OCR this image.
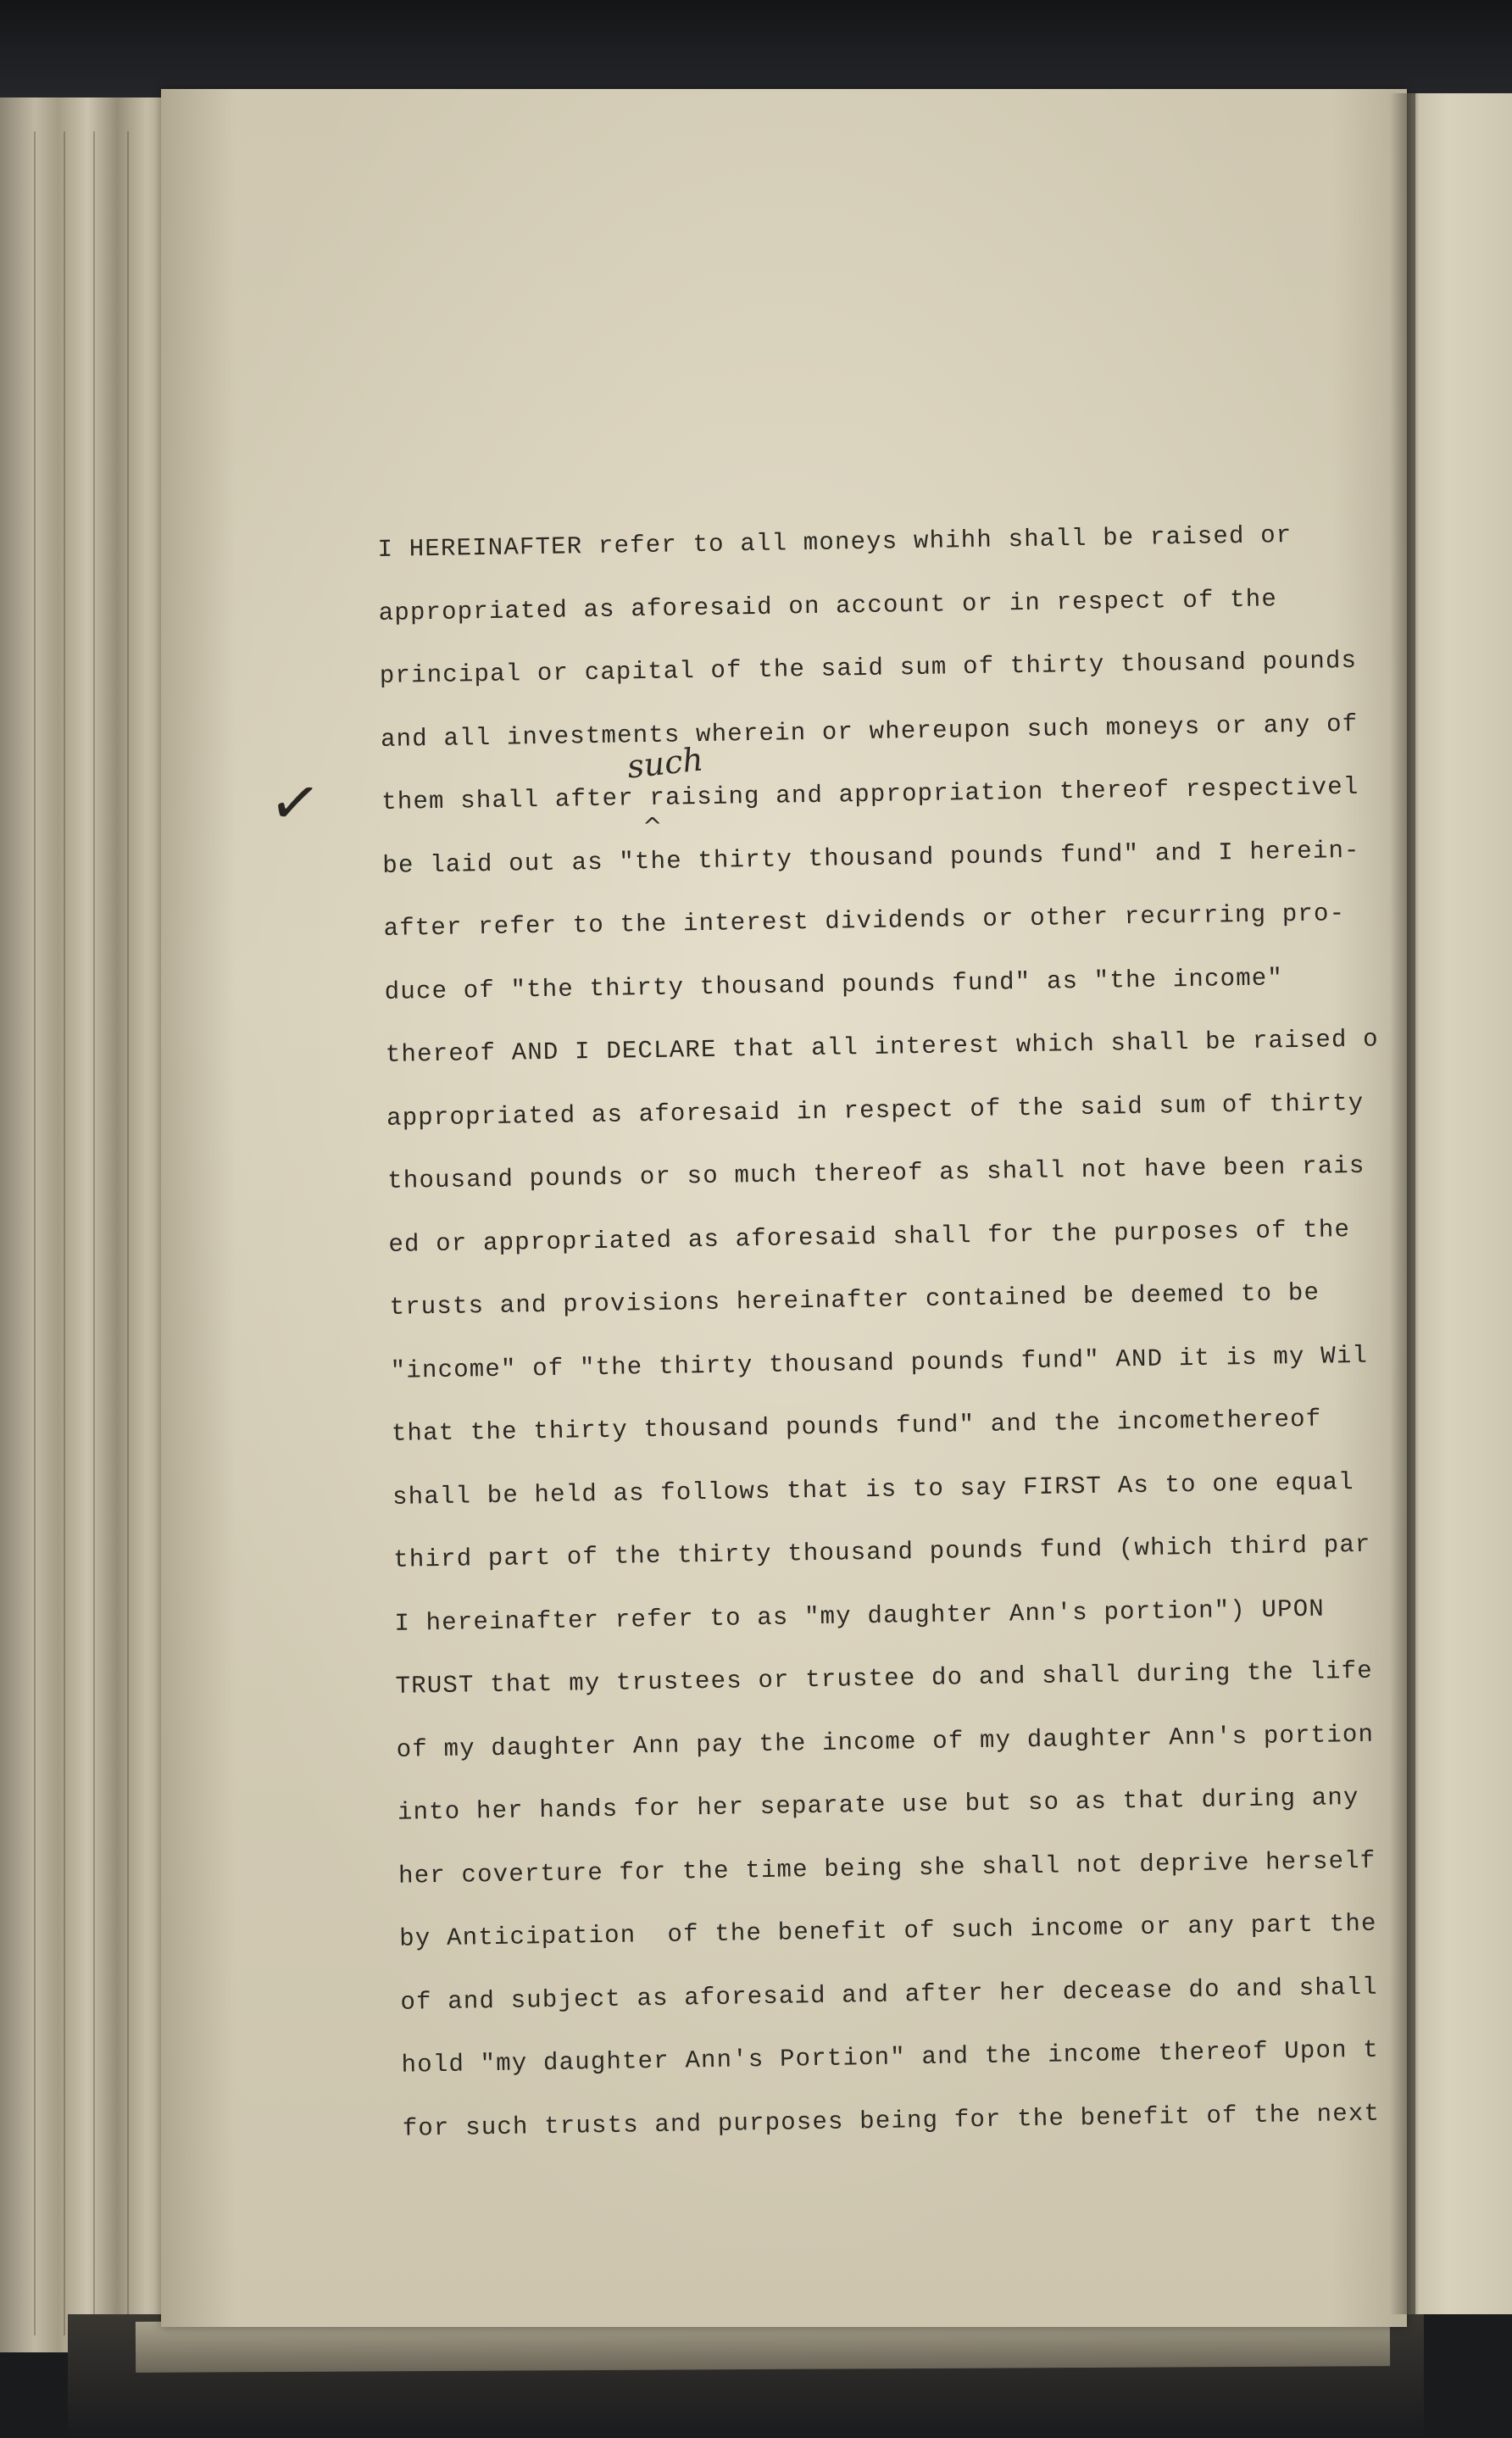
I HEREINAFTER refer to all moneys whihh shall be raised or
appropriated as aforesaid on account or in respect of the
principal or capital of the said sum of thirty thousand pounds
and all investments wherein or whereupon such moneys or any of
them shall after raising and appropriation thereof respectivel
be laid out as "the thirty thousand pounds fund" and I herein-
after refer to the interest dividends or other recurring pro-
duce of "the thirty thousand pounds fund" as "the income"
thereof AND I DECLARE that all interest which shall be raised o
appropriated as aforesaid in respect of the said sum of thirty
thousand pounds or so much thereof as shall not have been rais
ed or appropriated as aforesaid shall for the purposes of the
trusts and provisions hereinafter contained be deemed to be
"income" of "the thirty thousand pounds fund" AND it is my Wil
that the thirty thousand pounds fund" and the incomethereof
shall be held as follows that is to say FIRST As to one equal
third part of the thirty thousand pounds fund (which third par
I hereinafter refer to as "my daughter Ann's portion") UPON
TRUST that my trustees or trustee do and shall during the life
of my daughter Ann pay the income of my daughter Ann's portion
into her hands for her separate use but so as that during any
her coverture for the time being she shall not deprive herself
by Anticipation  of the benefit of such income or any part the
of and subject as aforesaid and after her decease do and shall
hold "my daughter Ann's Portion" and the income thereof Upon t
for such trusts and purposes being for the benefit of the next
✓
such
^
